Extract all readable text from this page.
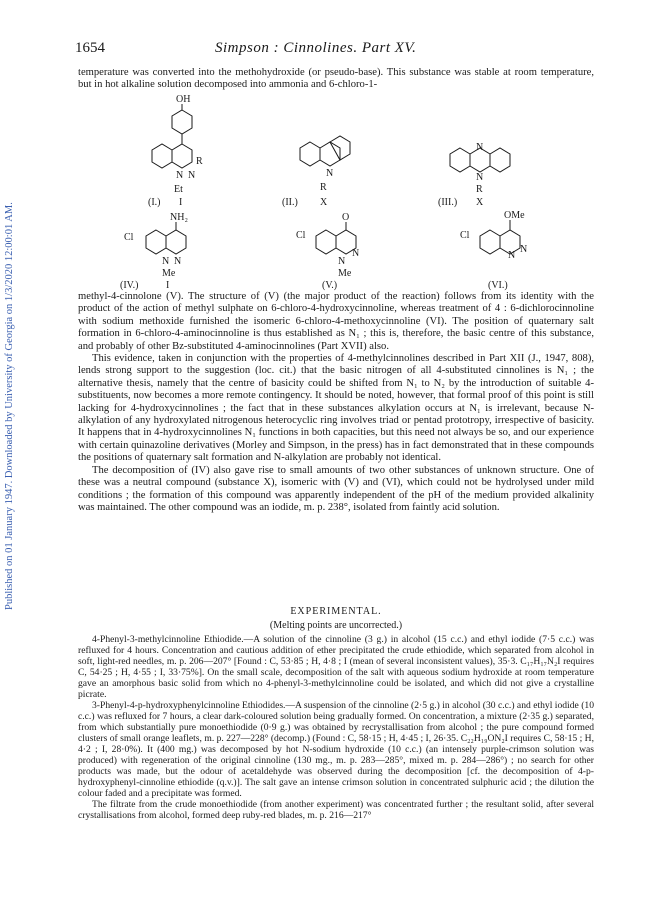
Published on 01 January 1947. Downloaded by University of Georgia on 1/3/2020 12:00:01 AM.
1654	Simpson : Cinnolines. Part XV.

temperature was converted into the methohydroxide (or pseudo-base). This substance was stable at room temperature, but in hot alkaline solution decomposed into ammonia and 6-chloro-1-

OH
R
N
N
Et
I
(I.)
N
R
X
(II.)
N
N
R
X
(III.)
NH₂
Cl
N N
Me
I
(IV.)
O
Cl
N
N
Me
(V.)
OMe
Cl
N
N
(VI.)

methyl-4-cinnolone (V). The structure of (V) (the major product of the reaction) follows from its identity with the product of the action of methyl sulphate on 6-chloro-4-hydroxycinnoline, whereas treatment of 4 : 6-dichlorocinnoline with sodium methoxide furnished the isomeric 6-chloro-4-methoxycinnoline (VI). The position of quaternary salt formation in 6-chloro-4-aminocinnoline is thus established as N₁ ; this is, therefore, the basic centre of this substance, and probably of other Bz-substituted 4-aminocinnolines (Part XVII) also.

This evidence, taken in conjunction with the properties of 4-methylcinnolines described in Part XII (J., 1947, 808), lends strong support to the suggestion (loc. cit.) that the basic nitrogen of all 4-substituted cinnolines is N₁ ; the alternative thesis, namely that the centre of basicity could be shifted from N₁ to N₂ by the introduction of suitable 4-substituents, now becomes a more remote contingency. It should be noted, however, that formal proof of this point is still lacking for 4-hydroxycinnolines ; the fact that in these substances alkylation occurs at N₁ is irrelevant, because N-alkylation of any hydroxylated nitrogenous heterocyclic ring involves triad or pentad prototropy, irrespective of basicity. It happens that in 4-hydroxycinnolines N₁ functions in both capacities, but this need not always be so, and our experience with certain quinazoline derivatives (Morley and Simpson, in the press) has in fact demonstrated that in these compounds the positions of quaternary salt formation and N-alkylation are probably not identical.

The decomposition of (IV) also gave rise to small amounts of two other substances of unknown structure. One of these was a neutral compound (substance X), isomeric with (V) and (VI), which could not be hydrolysed under mild conditions ; the formation of this compound was apparently independent of the pH of the medium provided alkalinity was maintained. The other compound was an iodide, m. p. 238°, isolated from faintly acid solution.

EXPERIMENTAL.
(Melting points are uncorrected.)

4-Phenyl-3-methylcinnoline Ethiodide.—A solution of the cinnoline (3 g.) in alcohol (15 c.c.) and ethyl iodide (7·5 c.c.) was refluxed for 4 hours. Concentration and cautious addition of ether precipitated the crude ethiodide, which separated from alcohol in soft, light-red needles, m. p. 206—207° [Found : C, 53·85 ; H, 4·8 ; I (mean of several inconsistent values), 35·3. C₁₇H₁₇N₂I requires C, 54·25 ; H, 4·55 ; I, 33·75%]. On the small scale, decomposition of the salt with aqueous sodium hydroxide at room temperature gave an amorphous basic solid from which no 4-phenyl-3-methylcinnoline could be isolated, and which did not give a crystalline picrate.

3-Phenyl-4-p-hydroxyphenylcinnoline Ethiodides.—A suspension of the cinnoline (2·5 g.) in alcohol (30 c.c.) and ethyl iodide (10 c.c.) was refluxed for 7 hours, a clear dark-coloured solution being gradually formed. On concentration, a mixture (2·35 g.) separated, from which substantially pure monoethiodide (0·9 g.) was obtained by recrystallisation from alcohol ; the pure compound formed clusters of small orange leaflets, m. p. 227—228° (decomp.) (Found : C, 58·15 ; H, 4·45 ; I, 26·35. C₂₂H₁₉ON₂I requires C, 58·15 ; H, 4·2 ; I, 28·0%). It (400 mg.) was decomposed by hot N-sodium hydroxide (10 c.c.) (an intensely purple-crimson solution was produced) with regeneration of the original cinnoline (130 mg., m. p. 283—285°, mixed m. p. 284—286°) ; no search for other products was made, but the odour of acetaldehyde was observed during the decomposition [cf. the decomposition of 4-p-hydroxyphenyl-cinnoline ethiodide (q.v.)]. The salt gave an intense crimson solution in concentrated sulphuric acid ; the dilution the colour faded and a precipitate was formed.

The filtrate from the crude monoethiodide (from another experiment) was concentrated further ; the resultant solid, after several crystallisations from alcohol, formed deep ruby-red blades, m. p. 216—217°
